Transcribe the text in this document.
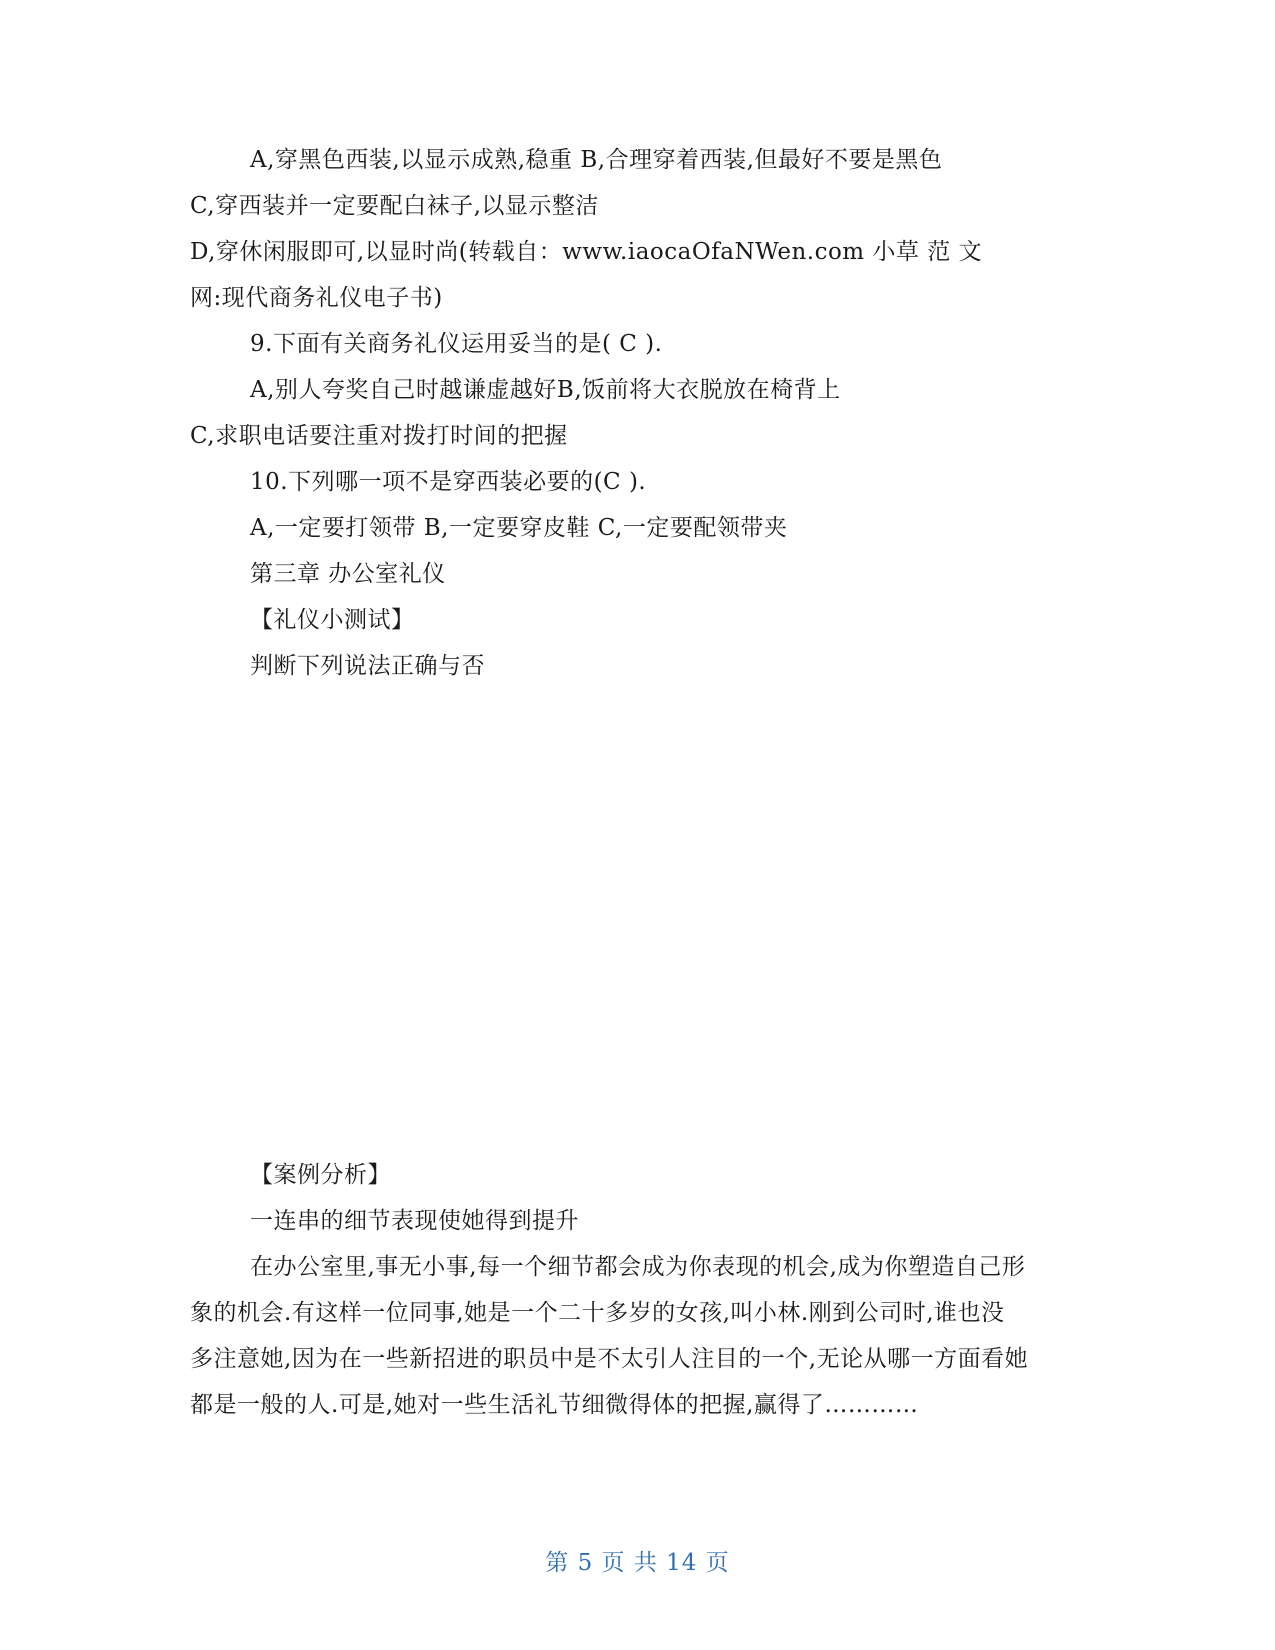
A,穿黑色西装,以显示成熟,稳重 B,合理穿着西装,但最好不要是黑色
C,穿西装并一定要配白袜子,以显示整洁
D,穿休闲服即可,以显时尚(转载自：www.iaocaOfaNWen.com 小草 范 文
网:现代商务礼仪电子书)
9.下面有关商务礼仪运用妥当的是( C ).
A,别人夸奖自己时越谦虚越好B,饭前将大衣脱放在椅背上
C,求职电话要注重对拨打时间的把握
10.下列哪一项不是穿西装必要的(C ).
A,一定要打领带 B,一定要穿皮鞋 C,一定要配领带夹
第三章 办公室礼仪
【礼仪小测试】
判断下列说法正确与否
【案例分析】
一连串的细节表现使她得到提升
在办公室里,事无小事,每一个细节都会成为你表现的机会,成为你塑造自己形
象的机会.有这样一位同事,她是一个二十多岁的女孩,叫小林.刚到公司时,谁也没
多注意她,因为在一些新招进的职员中是不太引人注目的一个,无论从哪一方面看她
都是一般的人.可是,她对一些生活礼节细微得体的把握,赢得了…………
第 5 页 共 14 页
